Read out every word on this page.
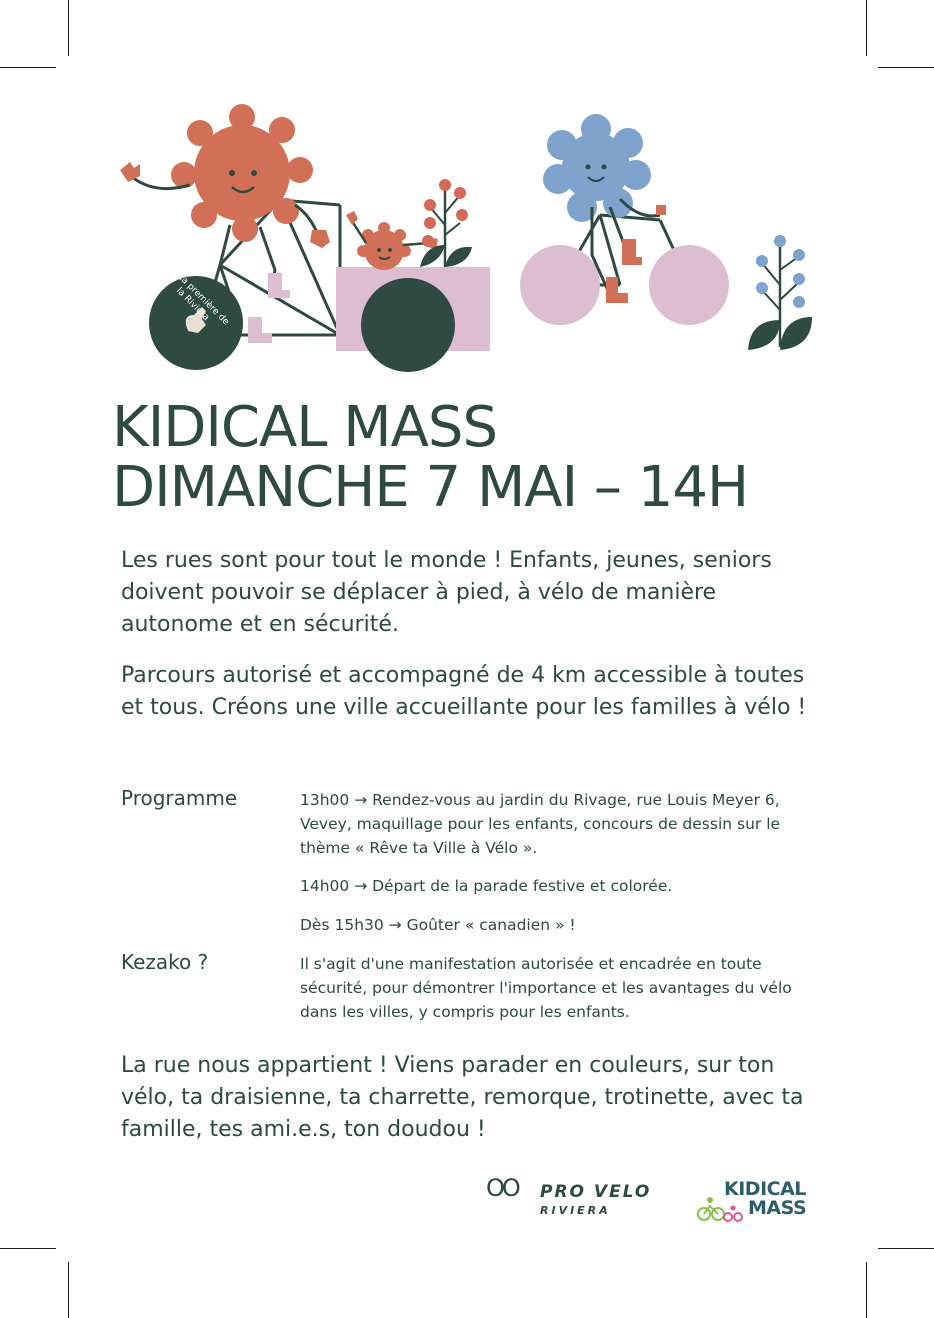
• La première de la Riviera
KIDICAL MASS
DIMANCHE 7 MAI – 14H
Les rues sont pour tout le monde ! Enfants, jeunes, seniors doivent pouvoir se déplacer à pied, à vélo de manière autonome et en sécurité.
Parcours autorisé et accompagné de 4 km accessible à toutes et tous. Créons une ville accueillante pour les familles à vélo !
Programme	13h00 → Rendez-vous au jardin du Rivage, rue Louis Meyer 6, Vevey, maquillage pour les enfants, concours de dessin sur le thème « Rêve ta Ville à Vélo ».
14h00 → Départ de la parade festive et colorée.
Dès 15h30 → Goûter « canadien » !
Kezako ?	Il s'agit d'une manifestation autorisée et encadrée en toute sécurité, pour démontrer l'importance et les avantages du vélo dans les villes, y compris pour les enfants.
La rue nous appartient ! Viens parader en couleurs, sur ton vélo, ta draisienne, ta charrette, remorque, trotinette, avec ta famille, tes ami.e.s, ton doudou !
OO PRO VELO
RIVIERA
KIDICAL
MASS
